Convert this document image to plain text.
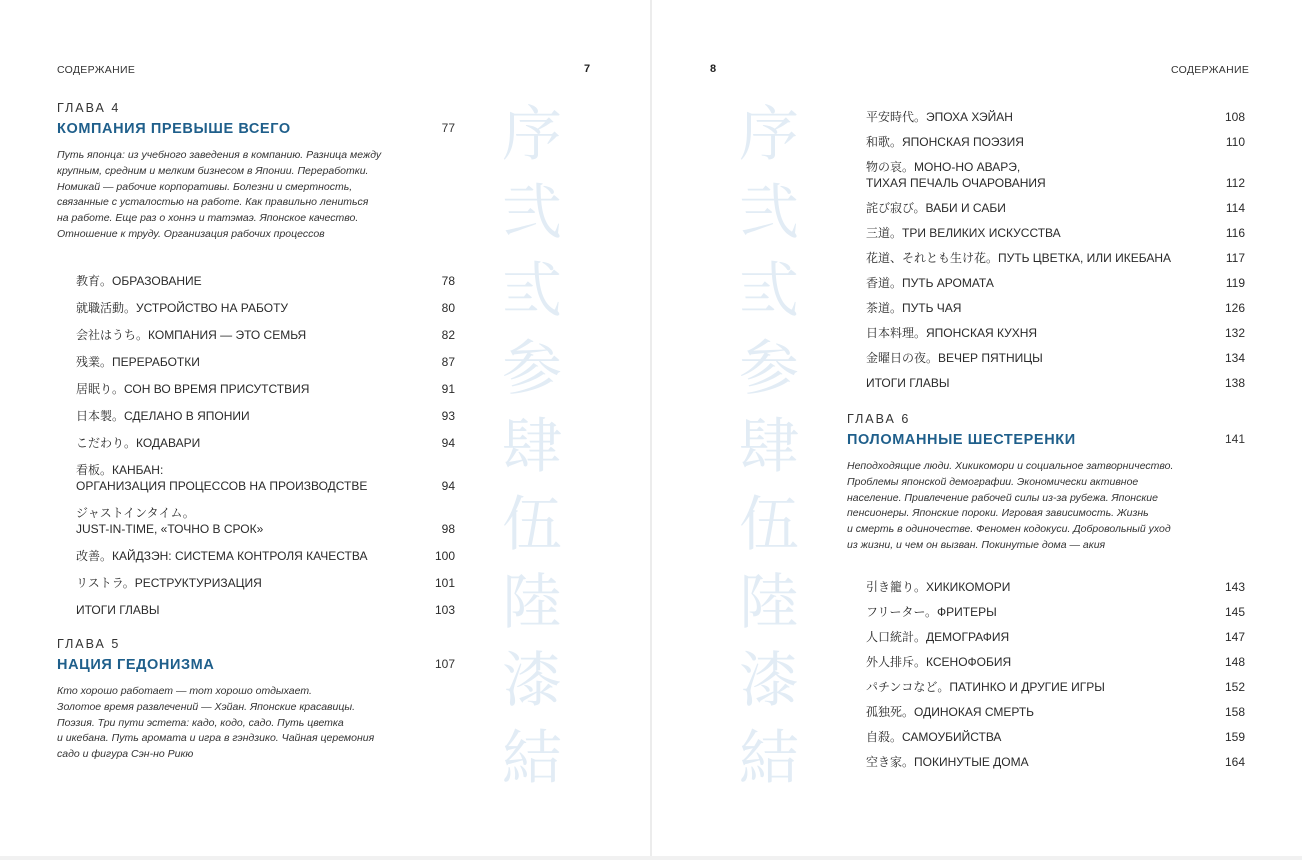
СОДЕРЖАНИЕ	7
序
弐
弎
参
肆
伍
陸
漆
結
ГЛАВА 4
КОМПАНИЯ ПРЕВЫШЕ ВСЕГО	77
Путь японца: из учебного заведения в компанию. Разница между
крупным, средним и мелким бизнесом в Японии. Переработки.
Номикай — рабочие корпоративы. Болезни и смертность,
связанные с усталостью на работе. Как правильно лениться
на работе. Еще раз о хоннэ и татэмаэ. Японское качество.
Отношение к труду. Организация рабочих процессов
教育。ОБРАЗОВАНИЕ	78
就職活動。УСТРОЙСТВО НА РАБОТУ	80
会社はうち。КОМПАНИЯ — ЭТО СЕМЬЯ	82
残業。ПЕРЕРАБОТКИ	87
居眠り。СОН ВО ВРЕМЯ ПРИСУТСТВИЯ	91
日本製。СДЕЛАНО В ЯПОНИИ	93
こだわり。КОДАВАРИ	94
看板。КАНБАН:
ОРГАНИЗАЦИЯ ПРОЦЕССОВ НА ПРОИЗВОДСТВЕ	94
ジャストインタイム。
JUST-IN-TIME, «ТОЧНО В СРОК»	98
改善。КАЙДЗЭН: СИСТЕМА КОНТРОЛЯ КАЧЕСТВА	100
リストラ。РЕСТРУКТУРИЗАЦИЯ	101
ИТОГИ ГЛАВЫ	103
ГЛАВА 5
НАЦИЯ ГЕДОНИЗМА	107
Кто хорошо работает — тот хорошо отдыхает.
Золотое время развлечений — Хэйан. Японские красавицы.
Поэзия. Три пути эстета: кадо, кодо, садо. Путь цветка
и икебана. Путь аромата и игра в гэндзико. Чайная церемония
садо и фигура Сэн-но Рикю
8	СОДЕРЖАНИЕ
序
弐
弎
参
肆
伍
陸
漆
結
平安時代。ЭПОХА ХЭЙАН	108
和歌。ЯПОНСКАЯ ПОЭЗИЯ	110
物の哀。МОНО-НО АВАРЭ,
ТИХАЯ ПЕЧАЛЬ ОЧАРОВАНИЯ	112
詫び寂び。ВАБИ И САБИ	114
三道。ТРИ ВЕЛИКИХ ИСКУССТВА	116
花道、それとも生け花。ПУТЬ ЦВЕТКА, ИЛИ ИКЕБАНА	117
香道。ПУТЬ АРОМАТА	119
茶道。ПУТЬ ЧАЯ	126
日本料理。ЯПОНСКАЯ КУХНЯ	132
金曜日の夜。ВЕЧЕР ПЯТНИЦЫ	134
ИТОГИ ГЛАВЫ	138
ГЛАВА 6
ПОЛОМАННЫЕ ШЕСТЕРЕНКИ	141
Неподходящие люди. Хикикомори и социальное затворничество.
Проблемы японской демографии. Экономически активное
население. Привлечение рабочей силы из-за рубежа. Японские
пенсионеры. Японские пороки. Игровая зависимость. Жизнь
и смерть в одиночестве. Феномен кодокуси. Добровольный уход
из жизни, и чем он вызван. Покинутые дома — акия
引き籠り。ХИКИКОМОРИ	143
フリーター。ФРИТЕРЫ	145
人口統計。ДЕМОГРАФИЯ	147
外人排斥。КСЕНОФОБИЯ	148
パチンコなど。ПАТИНКО И ДРУГИЕ ИГРЫ	152
孤独死。ОДИНОКАЯ СМЕРТЬ	158
自殺。САМОУБИЙСТВА	159
空き家。ПОКИНУТЫЕ ДОМА	164
